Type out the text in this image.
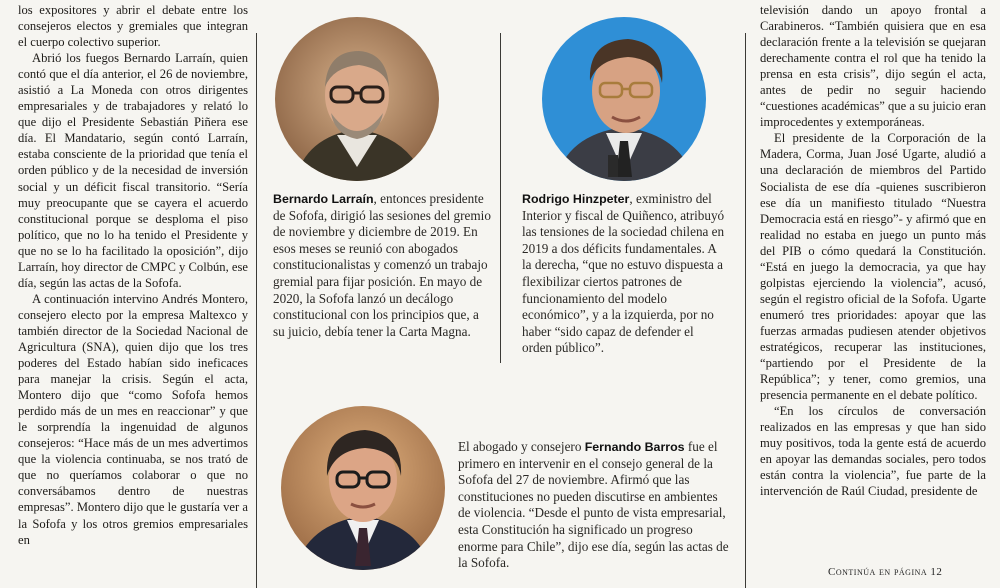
los expositores y abrir el debate entre los consejeros electos y gremiales que integran el cuerpo colectivo superior.

Abrió los fuegos Bernardo Larraín, quien contó que el día anterior, el 26 de noviembre, asistió a La Moneda con otros dirigentes empresariales y de trabajadores y relató lo que dijo el Presidente Sebastián Piñera ese día. El Mandatario, según contó Larraín, estaba consciente de la prioridad que tenía el orden público y de la necesidad de inversión social y un déficit fiscal transitorio. “Sería muy preocupante que se cayera el acuerdo constitucional porque se desploma el piso político, que no lo ha tenido el Presidente y que no se lo ha facilitado la oposición”, dijo Larraín, hoy director de CMPC y Colbún, ese día, según las actas de la Sofofa.

A continuación intervino Andrés Montero, consejero electo por la empresa Maltexco y también director de la Sociedad Nacional de Agricultura (SNA), quien dijo que los tres poderes del Estado habían sido ineficaces para manejar la crisis. Según el acta, Montero dijo que “como Sofofa hemos perdido más de un mes en reaccionar” y que le sorprendía la ingenuidad de algunos consejeros: “Hace más de un mes advertimos que la violencia continuaba, se nos trató de que no queríamos colaborar o que no conversábamos dentro de nuestras empresas”. Montero dijo que le gustaría ver a la Sofofa y los otros gremios empresariales en

Bernardo Larraín, entonces presidente de Sofofa, dirigió las sesiones del gremio de noviembre y diciembre de 2019. En esos meses se reunió con abogados constitucionalistas y comenzó un trabajo gremial para fijar posición. En mayo de 2020, la Sofofa lanzó un decálogo constitucional con los principios que, a su juicio, debía tener la Carta Magna.

Rodrigo Hinzpeter, exministro del Interior y fiscal de Quiñenco, atribuyó las tensiones de la sociedad chilena en 2019 a dos déficits fundamentales. A la derecha, “que no estuvo dispuesta a flexibilizar ciertos patrones de funcionamiento del modelo económico”, y a la izquierda, por no haber “sido capaz de defender el orden público”.

El abogado y consejero Fernando Barros fue el primero en intervenir en el consejo general de la Sofofa del 27 de noviembre. Afirmó que las constituciones no pueden discutirse en ambientes de violencia. “Desde el punto de vista empresarial, esta Constitución ha significado un progreso enorme para Chile”, dijo ese día, según las actas de la Sofofa.

televisión dando un apoyo frontal a Carabineros. “También quisiera que en esa declaración frente a la televisión se quejaran derechamente contra el rol que ha tenido la prensa en esta crisis”, dijo según el acta, antes de pedir no seguir haciendo “cuestiones académicas” que a su juicio eran improcedentes y extemporáneas.

El presidente de la Corporación de la Madera, Corma, Juan José Ugarte, aludió a una declaración de miembros del Partido Socialista de ese día -quienes suscribieron ese día un manifiesto titulado “Nuestra Democracia está en riesgo”- y afirmó que en realidad no estaba en juego un punto más del PIB o cómo quedará la Constitución. “Está en juego la democracia, ya que hay golpistas ejerciendo la violencia”, acusó, según el registro oficial de la Sofofa. Ugarte enumeró tres prioridades: apoyar que las fuerzas armadas pudiesen atender objetivos estratégicos, recuperar las instituciones, “partiendo por el Presidente de la República”; y tener, como gremios, una presencia permanente en el debate político.

“En los círculos de conversación realizados en las empresas y que han sido muy positivos, toda la gente está de acuerdo en apoyar las demandas sociales, pero todos están contra la violencia”, fue parte de la intervención de Raúl Ciudad, presidente de

Continúa en página 12
